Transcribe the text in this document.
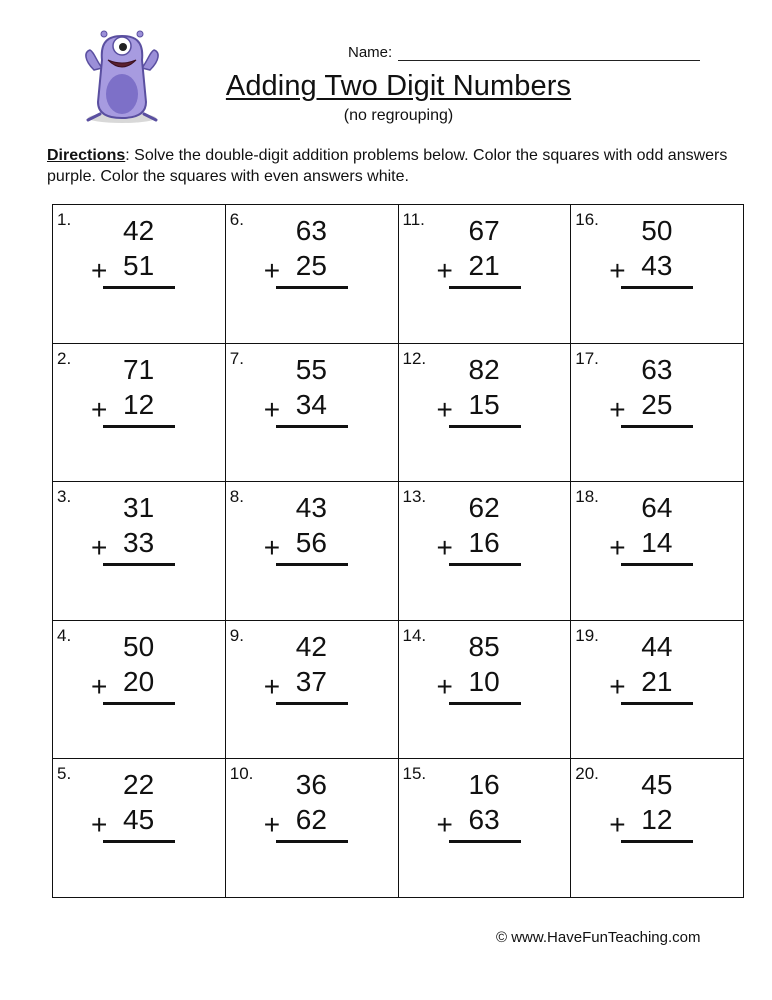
Name:
Adding Two Digit Numbers
(no regrouping)
Directions: Solve the double-digit addition problems below. Color the squares with odd answers purple. Color the squares with even answers white.
1. 42
+ 51
6. 63
+ 25
11. 67
+ 21
16. 50
+ 43
2. 71
+ 12
7. 55
+ 34
12. 82
+ 15
17. 63
+ 25
3. 31
+ 33
8. 43
+ 56
13. 62
+ 16
18. 64
+ 14
4. 50
+ 20
9. 42
+ 37
14. 85
+ 10
19. 44
+ 21
5. 22
+ 45
10. 36
+ 62
15. 16
+ 63
20. 45
+ 12
© www.HaveFunTeaching.com
